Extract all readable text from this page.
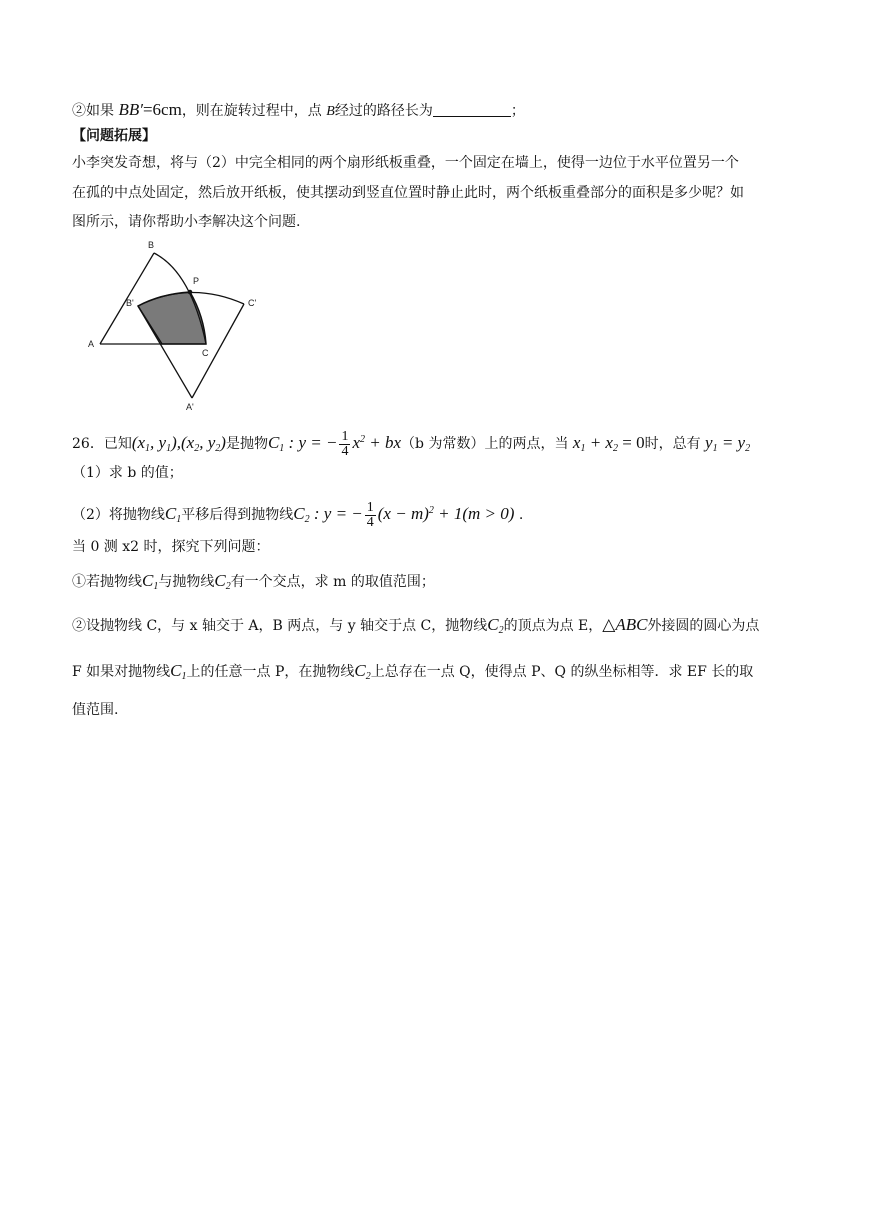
②如果 BB′=6cm，则在旋转过程中，点 B经过的路径长为	；
【问题拓展】
小李突发奇想，将与（2）中完全相同的两个扇形纸板重叠，一个固定在墙上，使得一边位于水平位置另一个
在孤的中点处固定，然后放开纸板，使其摆动到竖直位置时静止此时，两个纸板重叠部分的面积是多少呢？如
图所示，请你帮助小李解决这个问题.
B
P
B'	C'
A
C
A'
26．已知($x_1$, $y_1),(x_2$, $y_2$)是抛物$C_1$ : y = − $\frac{1}{4} x^2 + bx(b$ 为常数）上的两点，当 $x_1 + x_2 = 0$时，总有 $y_1 = y_2$
（1）求 b 的值；
（2）将抛物线$C_1$平移后得到抛物线$C_2$ : y = − $\frac{1}{4} (x - m)^2 + 1(m > 0)$ .
当 0 测 x2 时，探究下列问题：
①若抛物线$C_1$与抛物线$C_2$有一个交点，求 m 的取值范围；
②设抛物线 C，与 x 轴交于 A，B 两点，与 y 轴交于点 C，抛物线$C_2$的顶点为点 E，△ABC外接圆的圆心为点
F 如果对抛物线$C_1$上的任意一点 P，在抛物线$C_2$上总存在一点 Q，使得点 P、Q 的纵坐标相等．求 EF 长的取
值范围.
